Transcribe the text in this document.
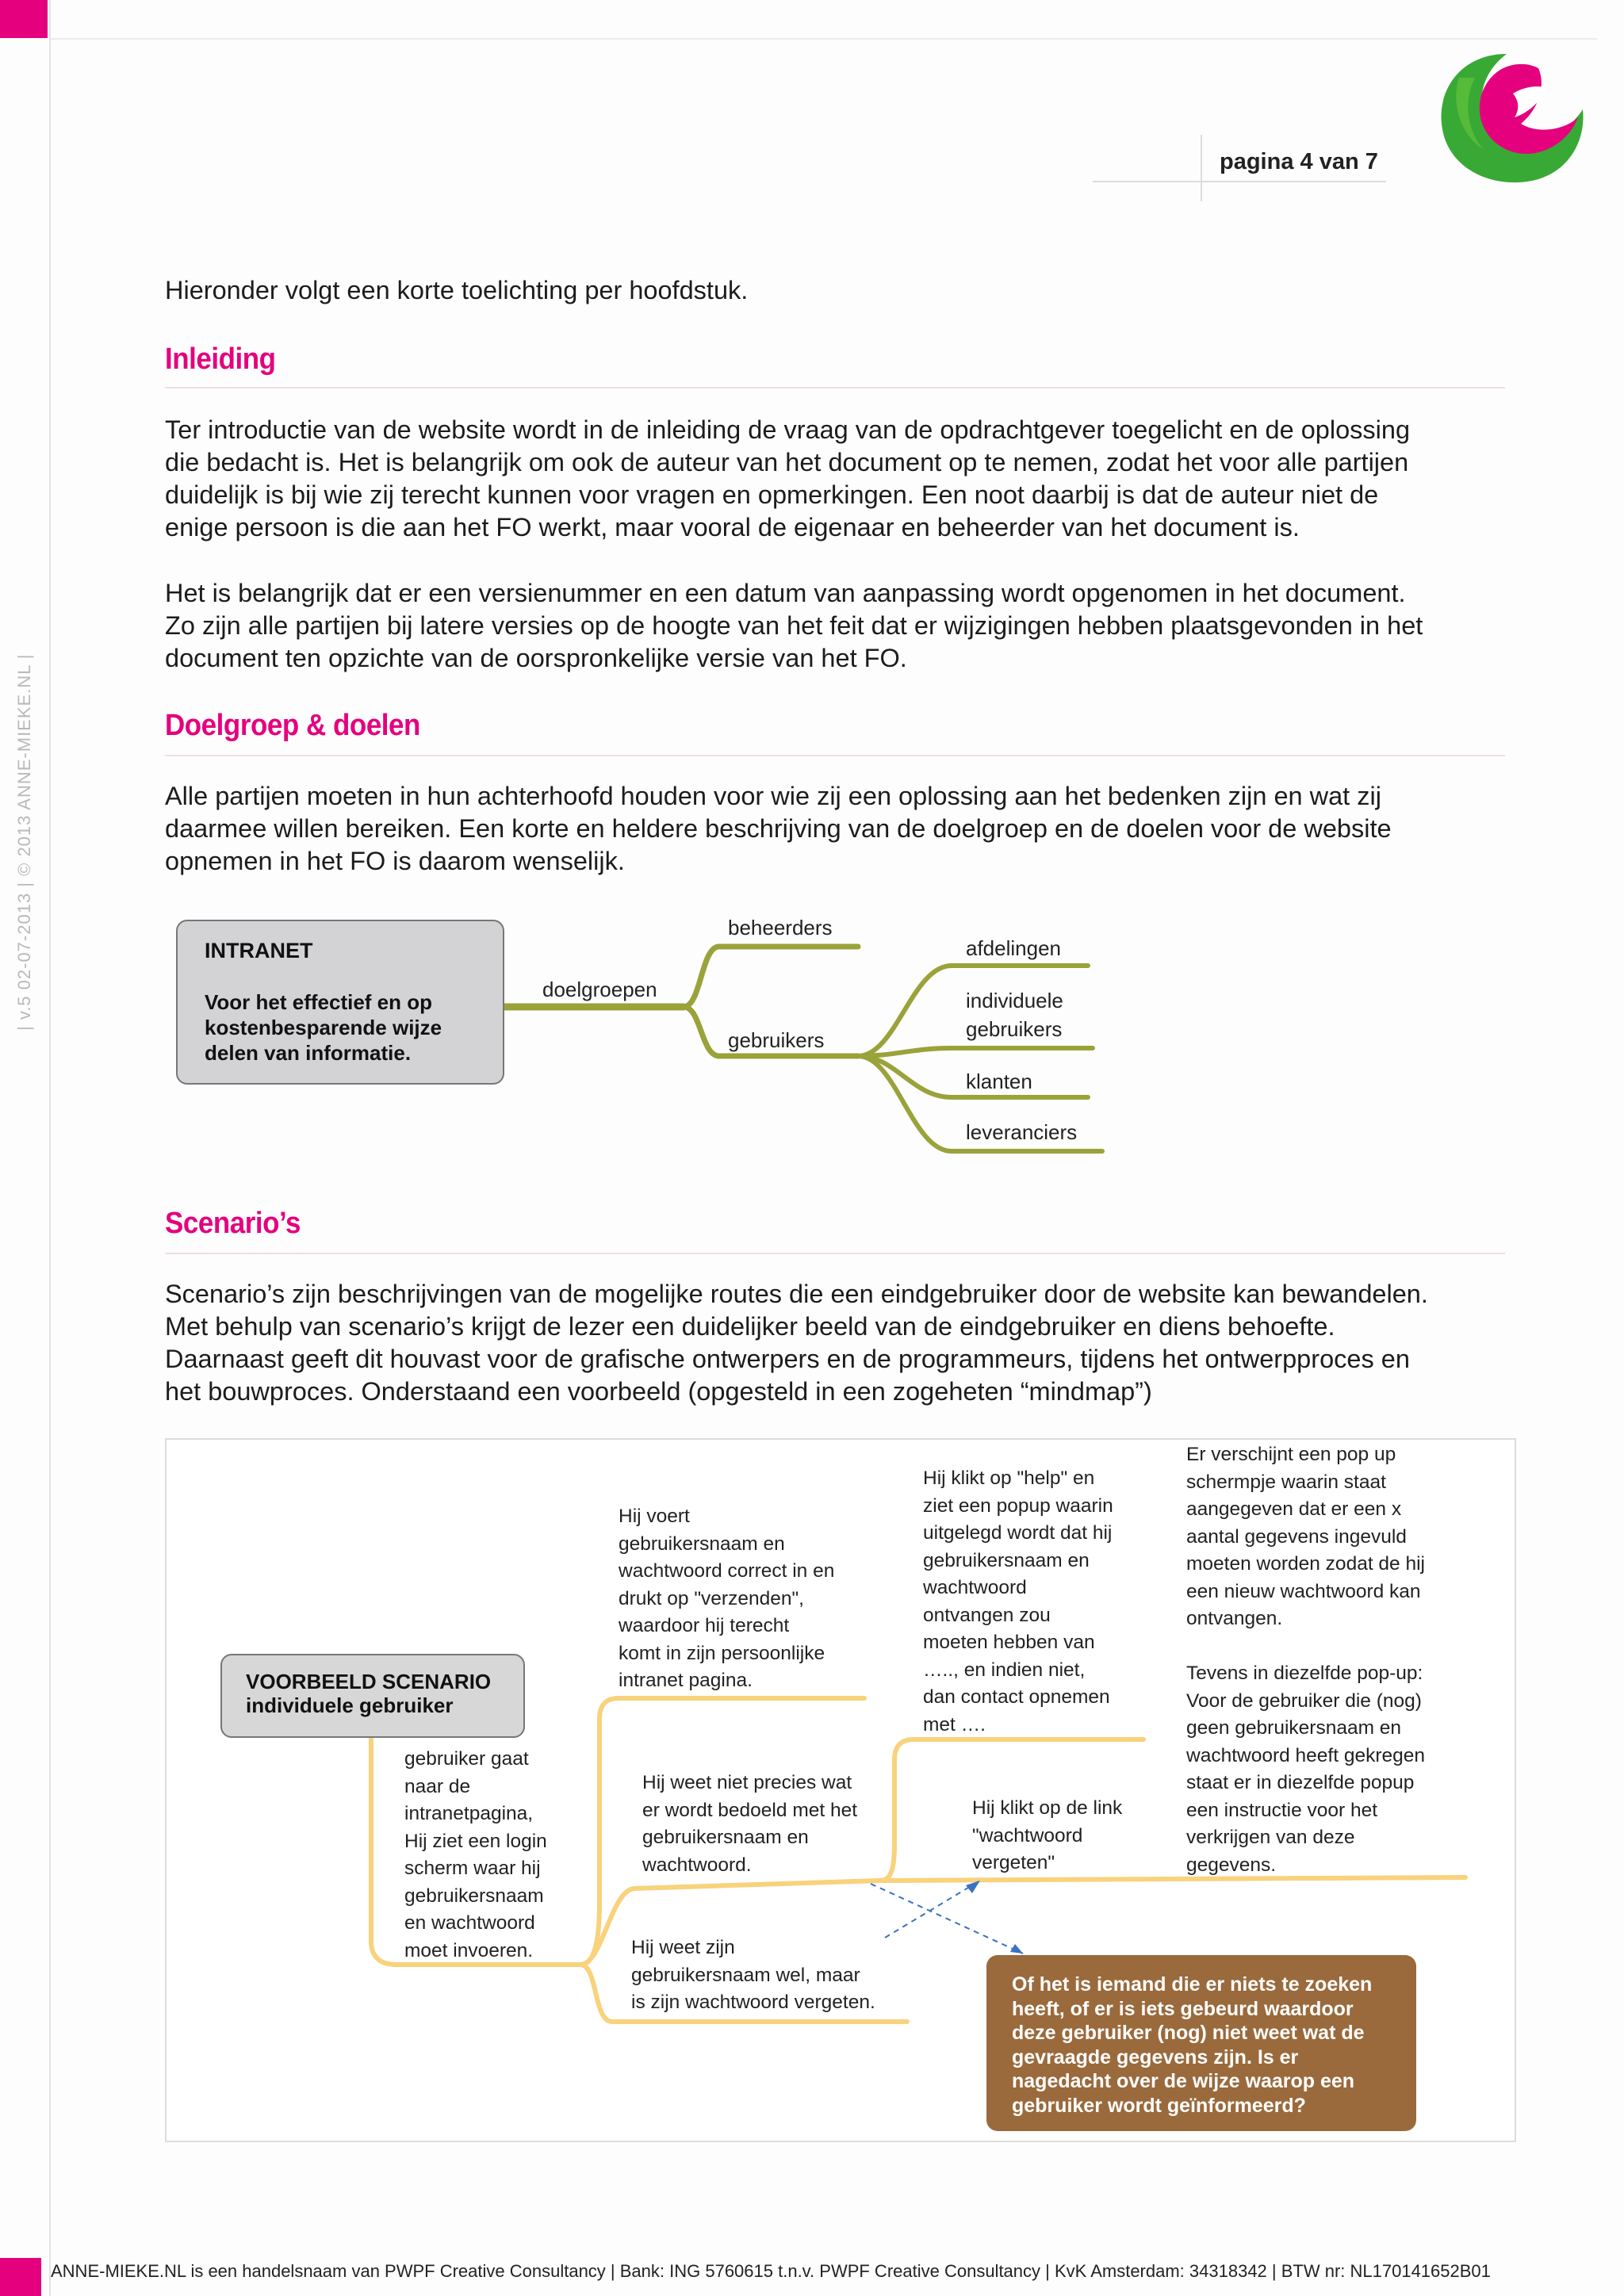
| v.5 02-07-2013 | © 2013 ANNE-MIEKE.NL |
pagina 4 van 7
Hieronder volgt een korte toelichting per hoofdstuk.
Inleiding

Ter introductie van de website wordt in de inleiding de vraag van de opdrachtgever toegelicht en de oplossing

die bedacht is. Het is belangrijk om ook de auteur van het document op te nemen, zodat het voor alle partijen

duidelijk is bij wie zij terecht kunnen voor vragen en opmerkingen. Een noot daarbij is dat de auteur niet de

enige persoon is die aan het FO werkt, maar vooral de eigenaar en beheerder van het document is.

Het is belangrijk dat er een versienummer en een datum van aanpassing wordt opgenomen in het document.

Zo zijn alle partijen bij latere versies op de hoogte van het feit dat er wijzigingen hebben plaatsgevonden in het

document ten opzichte van de oorspronkelijke versie van het FO.

Doelgroep & doelen

Alle partijen moeten in hun achterhoofd houden voor wie zij een oplossing aan het bedenken zijn en wat zij

daarmee willen bereiken. Een korte en heldere beschrijving van de doelgroep en de doelen voor de website

opnemen in het FO is daarom wenselijk.

INTRANET
Voor het effectief en op
kostenbesparende wijze
delen van informatie.
doelgroepen
beheerders
gebruikers
afdelingen
individuele
gebruikers
klanten
leveranciers
Scenario’s

Scenario’s zijn beschrijvingen van de mogelijke routes die een eindgebruiker door de website kan bewandelen.

Met behulp van scenario’s krijgt de lezer een duidelijker beeld van de eindgebruiker en diens behoefte.

Daarnaast geeft dit houvast voor de grafische ontwerpers en de programmeurs, tijdens het ontwerpproces en

het bouwproces. Onderstaand een voorbeeld (opgesteld in een zogeheten “mindmap”)

VOORBEELD SCENARIO
individuele gebruiker
gebruiker gaat
naar de
intranetpagina,
Hij ziet een login
scherm waar hij
gebruikersnaam
en wachtwoord
moet invoeren.
Hij voert
gebruikersnaam en
wachtwoord correct in en
drukt op "verzenden",
waardoor hij terecht
komt in zijn persoonlijke
intranet pagina.
Hij weet niet precies wat
er wordt bedoeld met het
gebruikersnaam en
wachtwoord.
Hij weet zijn
gebruikersnaam wel, maar
is zijn wachtwoord vergeten.
Hij klikt op "help" en
ziet een popup waarin
uitgelegd wordt dat hij
gebruikersnaam en
wachtwoord
ontvangen zou
moeten hebben van
….., en indien niet,
dan contact opnemen
met ….
Hij klikt op de link
"wachtwoord
vergeten"
Er verschijnt een pop up
schermpje waarin staat
aangegeven dat er een x
aantal gegevens ingevuld
moeten worden zodat de hij
een nieuw wachtwoord kan
ontvangen.
Tevens in diezelfde pop-up:
Voor de gebruiker die (nog)
geen gebruikersnaam en
wachtwoord heeft gekregen
staat er in diezelfde popup
een instructie voor het
verkrijgen van deze
gegevens.
Of het is iemand die er niets te zoeken
heeft, of er is iets gebeurd waardoor
deze gebruiker (nog) niet weet wat de
gevraagde gegevens zijn. Is er
nagedacht over de wijze waarop een
gebruiker wordt geïnformeerd?
ANNE-MIEKE.NL is een handelsnaam van PWPF Creative Consultancy | Bank: ING 5760615 t.n.v. PWPF Creative Consultancy | KvK Amsterdam: 34318342 | BTW nr: NL170141652B01
